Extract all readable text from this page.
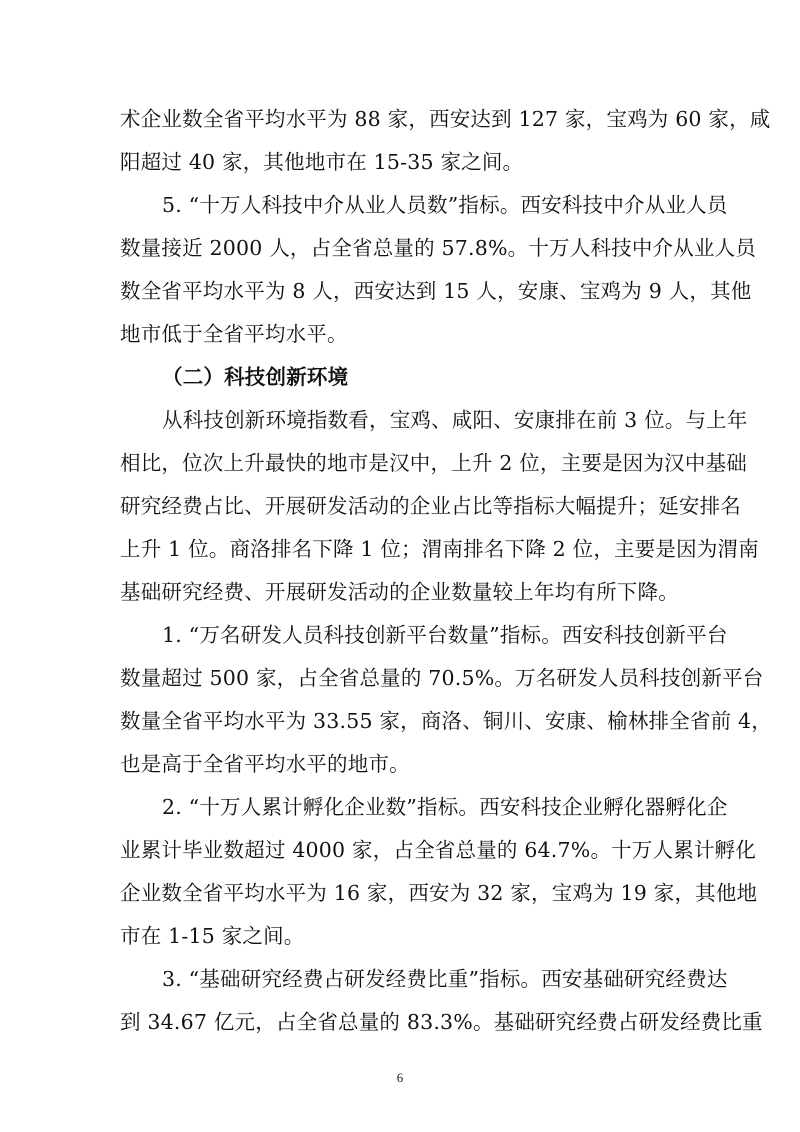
术企业数全省平均水平为 88 家，西安达到 127 家，宝鸡为 60 家，咸
阳超过 40 家，其他地市在 15-35 家之间。
5. “十万人科技中介从业人员数”指标。西安科技中介从业人员
数量接近 2000 人，占全省总量的 57.8%。十万人科技中介从业人员
数全省平均水平为 8 人，西安达到 15 人，安康、宝鸡为 9 人，其他
地市低于全省平均水平。
（二）科技创新环境
从科技创新环境指数看，宝鸡、咸阳、安康排在前 3 位。与上年
相比，位次上升最快的地市是汉中，上升 2 位，主要是因为汉中基础
研究经费占比、开展研发活动的企业占比等指标大幅提升；延安排名
上升 1 位。商洛排名下降 1 位；渭南排名下降 2 位，主要是因为渭南
基础研究经费、开展研发活动的企业数量较上年均有所下降。
1. “万名研发人员科技创新平台数量”指标。西安科技创新平台
数量超过 500 家，占全省总量的 70.5%。万名研发人员科技创新平台
数量全省平均水平为 33.55 家，商洛、铜川、安康、榆林排全省前 4，
也是高于全省平均水平的地市。
2. “十万人累计孵化企业数”指标。西安科技企业孵化器孵化企
业累计毕业数超过 4000 家，占全省总量的 64.7%。十万人累计孵化
企业数全省平均水平为 16 家，西安为 32 家，宝鸡为 19 家，其他地
市在 1-15 家之间。
3. “基础研究经费占研发经费比重”指标。西安基础研究经费达
到 34.67 亿元，占全省总量的 83.3%。基础研究经费占研发经费比重
6
